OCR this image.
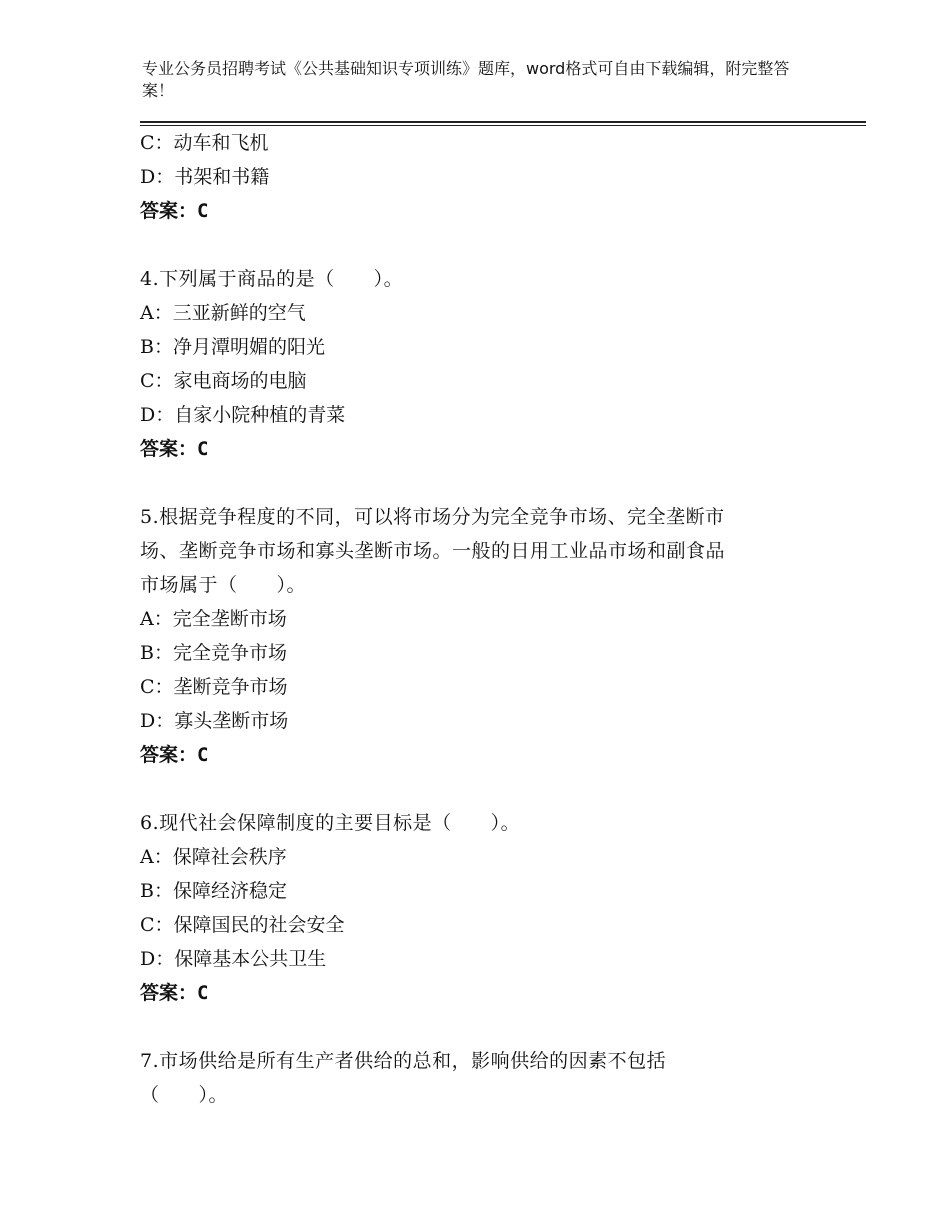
专业公务员招聘考试《公共基础知识专项训练》题库，word格式可自由下载编辑，附完整答案！
C：动车和飞机
D：书架和书籍
答案：C
4.下列属于商品的是（　　）。
A：三亚新鲜的空气
B：净月潭明媚的阳光
C：家电商场的电脑
D：自家小院种植的青菜
答案：C
5.根据竞争程度的不同，可以将市场分为完全竞争市场、完全垄断市
场、垄断竞争市场和寡头垄断市场。一般的日用工业品市场和副食品
市场属于（　　）。
A：完全垄断市场
B：完全竞争市场
C：垄断竞争市场
D：寡头垄断市场
答案：C
6.现代社会保障制度的主要目标是（　　）。
A：保障社会秩序
B：保障经济稳定
C：保障国民的社会安全
D：保障基本公共卫生
答案：C
7.市场供给是所有生产者供给的总和，影响供给的因素不包括
（　　）。
